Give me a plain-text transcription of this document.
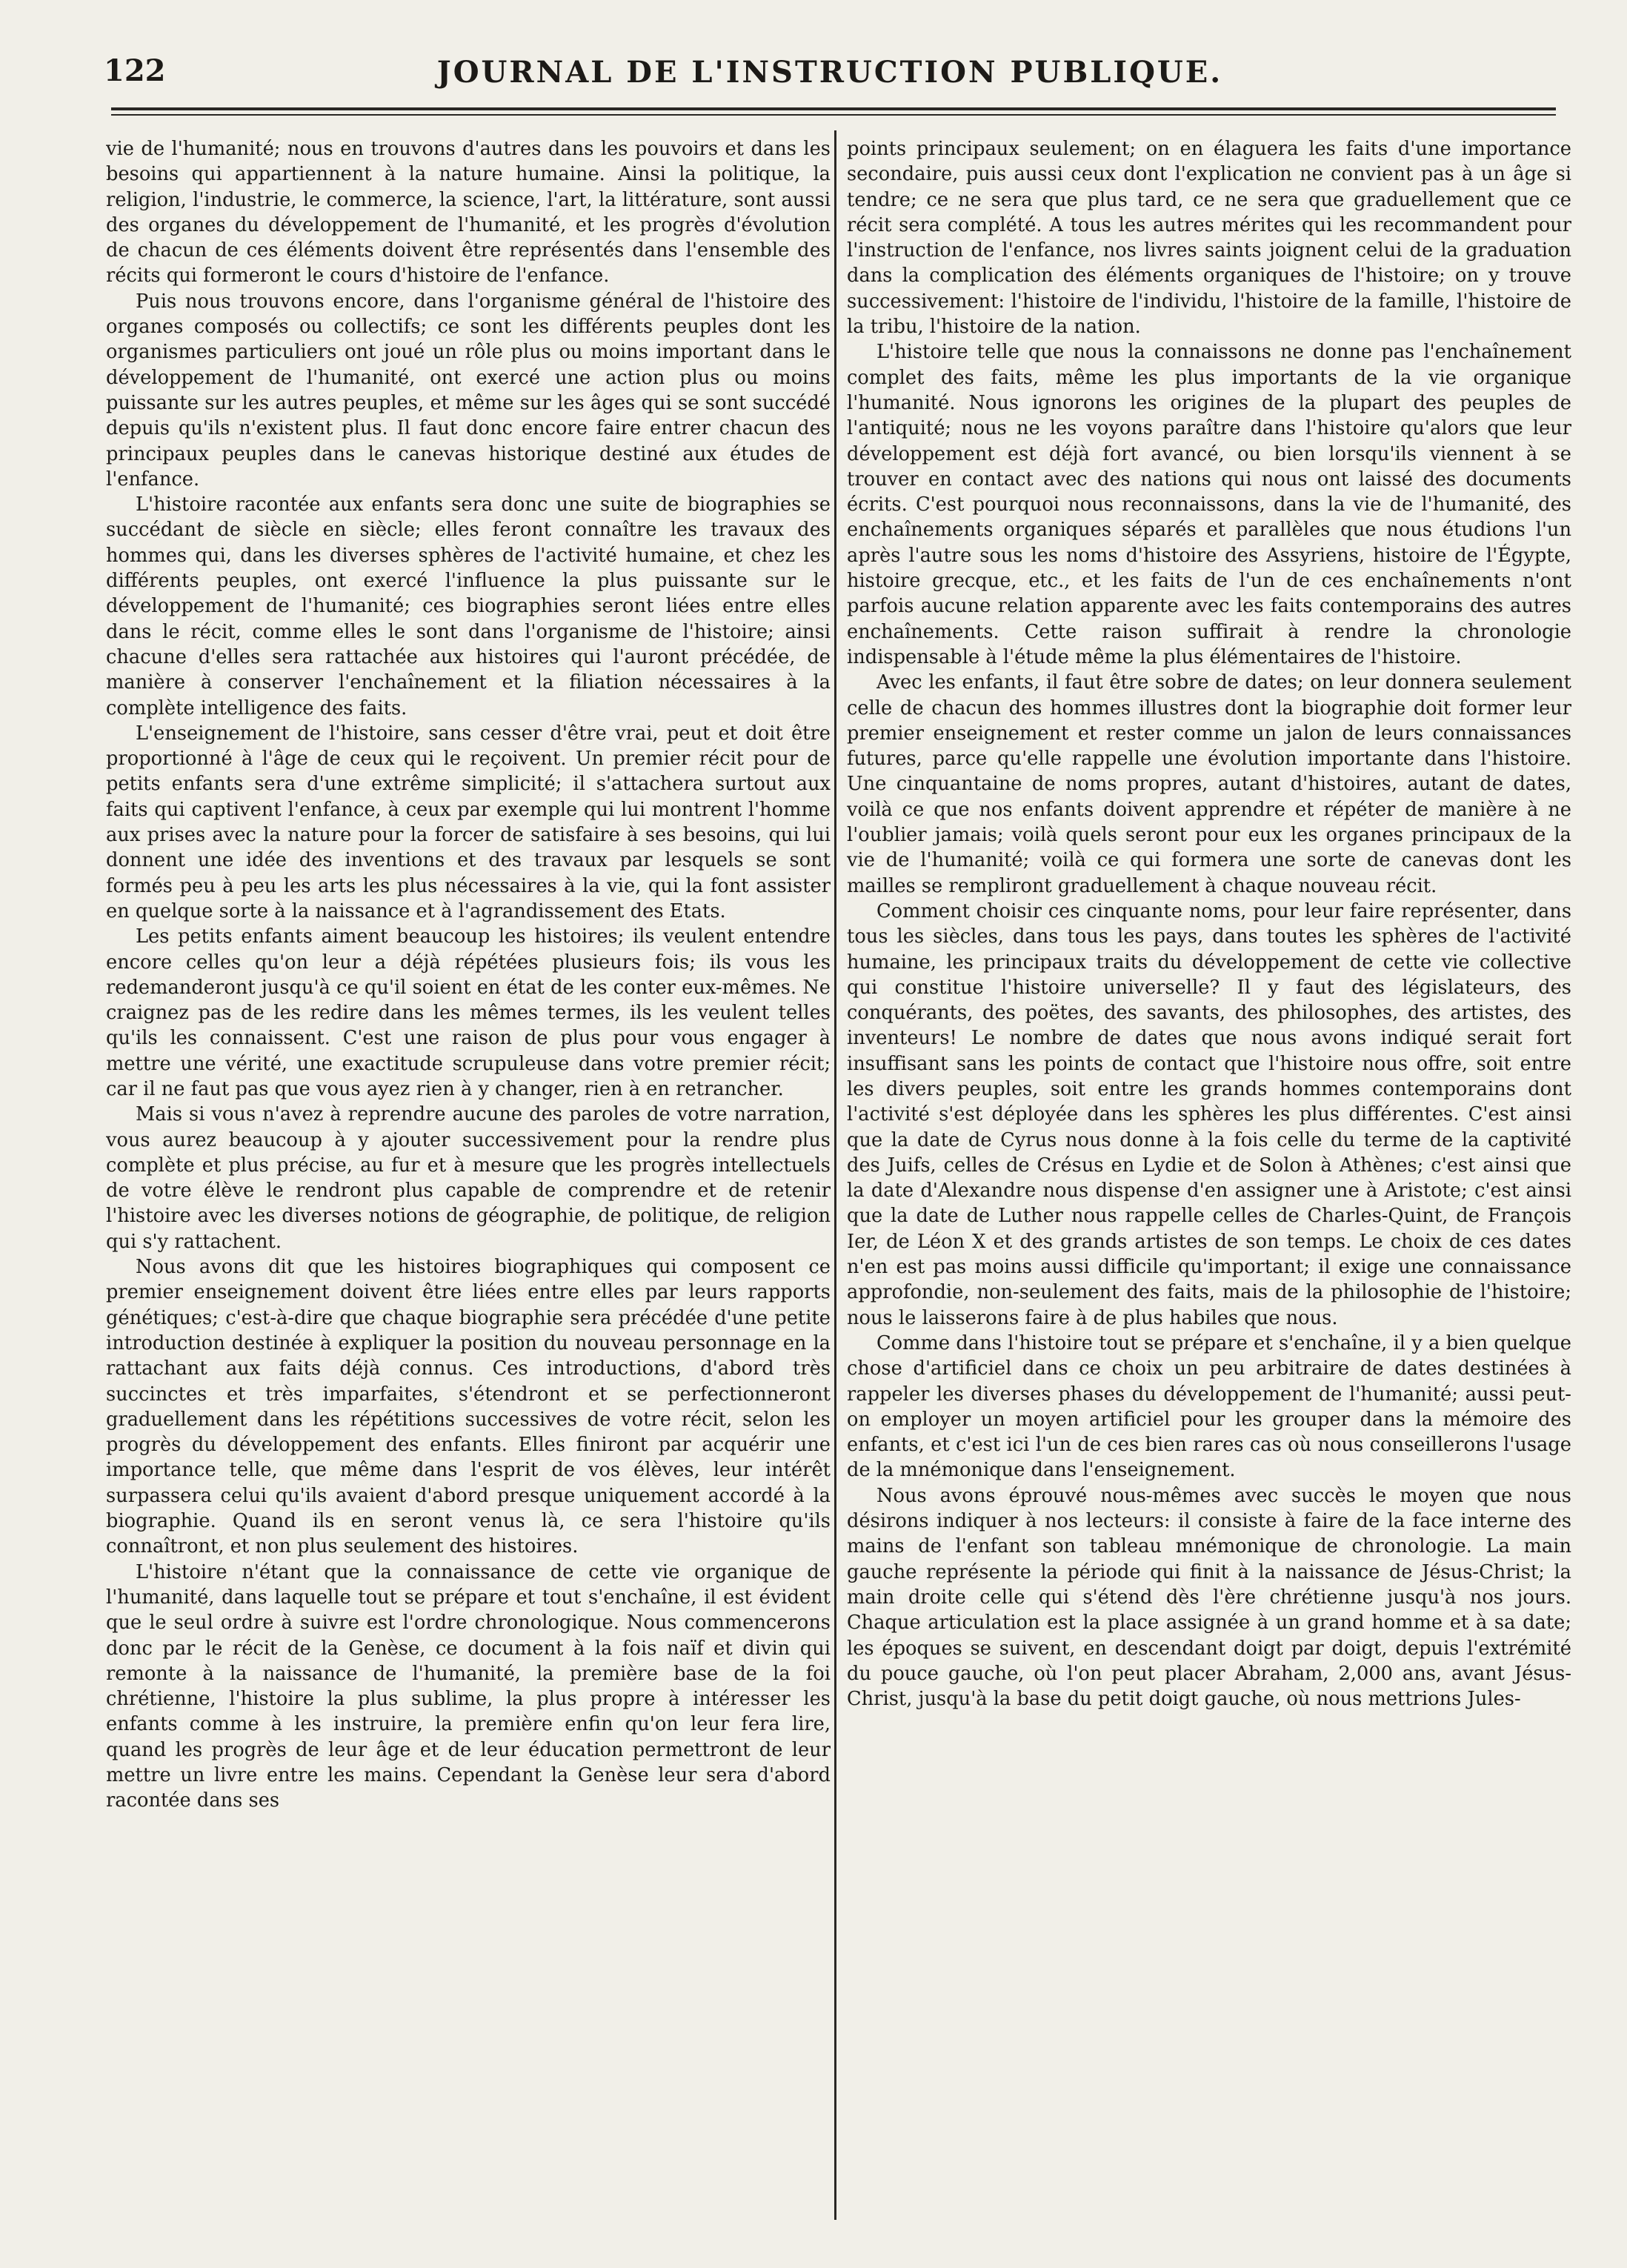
122	JOURNAL DE L'INSTRUCTION PUBLIQUE.

vie de l'humanité; nous en trouvons d'autres dans les pouvoirs et dans les besoins qui appartiennent à la nature humaine. Ainsi la politique, la religion, l'industrie, le commerce, la science, l'art, la littérature, sont aussi des organes du développement de l'humanité, et les progrès d'évolution de chacun de ces éléments doivent être représentés dans l'ensemble des récits qui formeront le cours d'histoire de l'enfance.

Puis nous trouvons encore, dans l'organisme général de l'histoire des organes composés ou collectifs; ce sont les différents peuples dont les organismes particuliers ont joué un rôle plus ou moins important dans le développement de l'humanité, ont exercé une action plus ou moins puissante sur les autres peuples, et même sur les âges qui se sont succédé depuis qu'ils n'existent plus. Il faut donc encore faire entrer chacun des principaux peuples dans le canevas historique destiné aux études de l'enfance.

L'histoire racontée aux enfants sera donc une suite de biographies se succédant de siècle en siècle; elles feront connaître les travaux des hommes qui, dans les diverses sphères de l'activité humaine, et chez les différents peuples, ont exercé l'influence la plus puissante sur le développement de l'humanité; ces biographies seront liées entre elles dans le récit, comme elles le sont dans l'organisme de l'histoire; ainsi chacune d'elles sera rattachée aux histoires qui l'auront précédée, de manière à conserver l'enchaînement et la filiation nécessaires à la complète intelligence des faits.

L'enseignement de l'histoire, sans cesser d'être vrai, peut et doit être proportionné à l'âge de ceux qui le reçoivent. Un premier récit pour de petits enfants sera d'une extrême simplicité; il s'attachera surtout aux faits qui captivent l'enfance, à ceux par exemple qui lui montrent l'homme aux prises avec la nature pour la forcer de satisfaire à ses besoins, qui lui donnent une idée des inventions et des travaux par lesquels se sont formés peu à peu les arts les plus nécessaires à la vie, qui la font assister en quelque sorte à la naissance et à l'agrandissement des Etats.

Les petits enfants aiment beaucoup les histoires; ils veulent entendre encore celles qu'on leur a déjà répétées plusieurs fois; ils vous les redemanderont jusqu'à ce qu'il soient en état de les conter eux-mêmes. Ne craignez pas de les redire dans les mêmes termes, ils les veulent telles qu'ils les connaissent. C'est une raison de plus pour vous engager à mettre une vérité, une exactitude scrupuleuse dans votre premier récit; car il ne faut pas que vous ayez rien à y changer, rien à en retrancher.

Mais si vous n'avez à reprendre aucune des paroles de votre narration, vous aurez beaucoup à y ajouter successivement pour la rendre plus complète et plus précise, au fur et à mesure que les progrès intellectuels de votre élève le rendront plus capable de comprendre et de retenir l'histoire avec les diverses notions de géographie, de politique, de religion qui s'y rattachent.

Nous avons dit que les histoires biographiques qui composent ce premier enseignement doivent être liées entre elles par leurs rapports génétiques; c'est-à-dire que chaque biographie sera précédée d'une petite introduction destinée à expliquer la position du nouveau personnage en la rattachant aux faits déjà connus. Ces introductions, d'abord très succinctes et très imparfaites, s'étendront et se perfectionneront graduellement dans les répétitions successives de votre récit, selon les progrès du développement des enfants. Elles finiront par acquérir une importance telle, que même dans l'esprit de vos élèves, leur intérêt surpassera celui qu'ils avaient d'abord presque uniquement accordé à la biographie. Quand ils en seront venus là, ce sera l'histoire qu'ils connaîtront, et non plus seulement des histoires.

L'histoire n'étant que la connaissance de cette vie organique de l'humanité, dans laquelle tout se prépare et tout s'enchaîne, il est évident que le seul ordre à suivre est l'ordre chronologique. Nous commencerons donc par le récit de la Genèse, ce document à la fois naïf et divin qui remonte à la naissance de l'humanité, la première base de la foi chrétienne, l'histoire la plus sublime, la plus propre à intéresser les enfants comme à les instruire, la première enfin qu'on leur fera lire, quand les progrès de leur âge et de leur éducation permettront de leur mettre un livre entre les mains. Cependant la Genèse leur sera d'abord racontée dans ses

points principaux seulement; on en élaguera les faits d'une importance secondaire, puis aussi ceux dont l'explication ne convient pas à un âge si tendre; ce ne sera que plus tard, ce ne sera que graduellement que ce récit sera complété. A tous les autres mérites qui les recommandent pour l'instruction de l'enfance, nos livres saints joignent celui de la graduation dans la complication des éléments organiques de l'histoire; on y trouve successivement: l'histoire de l'individu, l'histoire de la famille, l'histoire de la tribu, l'histoire de la nation.

L'histoire telle que nous la connaissons ne donne pas l'enchaînement complet des faits, même les plus importants de la vie organique l'humanité. Nous ignorons les origines de la plupart des peuples de l'antiquité; nous ne les voyons paraître dans l'histoire qu'alors que leur développement est déjà fort avancé, ou bien lorsqu'ils viennent à se trouver en contact avec des nations qui nous ont laissé des documents écrits. C'est pourquoi nous reconnaissons, dans la vie de l'humanité, des enchaînements organiques séparés et parallèles que nous étudions l'un après l'autre sous les noms d'histoire des Assyriens, histoire de l'Égypte, histoire grecque, etc., et les faits de l'un de ces enchaînements n'ont parfois aucune relation apparente avec les faits contemporains des autres enchaînements. Cette raison suffirait à rendre la chronologie indispensable à l'étude même la plus élémentaires de l'histoire.

Avec les enfants, il faut être sobre de dates; on leur donnera seulement celle de chacun des hommes illustres dont la biographie doit former leur premier enseignement et rester comme un jalon de leurs connaissances futures, parce qu'elle rappelle une évolution importante dans l'histoire. Une cinquantaine de noms propres, autant d'histoires, autant de dates, voilà ce que nos enfants doivent apprendre et répéter de manière à ne l'oublier jamais; voilà quels seront pour eux les organes principaux de la vie de l'humanité; voilà ce qui formera une sorte de canevas dont les mailles se rempliront graduellement à chaque nouveau récit.

Comment choisir ces cinquante noms, pour leur faire représenter, dans tous les siècles, dans tous les pays, dans toutes les sphères de l'activité humaine, les principaux traits du développement de cette vie collective qui constitue l'histoire universelle? Il y faut des législateurs, des conquérants, des poëtes, des savants, des philosophes, des artistes, des inventeurs! Le nombre de dates que nous avons indiqué serait fort insuffisant sans les points de contact que l'histoire nous offre, soit entre les divers peuples, soit entre les grands hommes contemporains dont l'activité s'est déployée dans les sphères les plus différentes. C'est ainsi que la date de Cyrus nous donne à la fois celle du terme de la captivité des Juifs, celles de Crésus en Lydie et de Solon à Athènes; c'est ainsi que la date d'Alexandre nous dispense d'en assigner une à Aristote; c'est ainsi que la date de Luther nous rappelle celles de Charles-Quint, de François Ier, de Léon X et des grands artistes de son temps. Le choix de ces dates n'en est pas moins aussi difficile qu'important; il exige une connaissance approfondie, non-seulement des faits, mais de la philosophie de l'histoire; nous le laisserons faire à de plus habiles que nous.

Comme dans l'histoire tout se prépare et s'enchaîne, il y a bien quelque chose d'artificiel dans ce choix un peu arbitraire de dates destinées à rappeler les diverses phases du développement de l'humanité; aussi peut-on employer un moyen artificiel pour les grouper dans la mémoire des enfants, et c'est ici l'un de ces bien rares cas où nous conseillerons l'usage de la mnémonique dans l'enseignement.

Nous avons éprouvé nous-mêmes avec succès le moyen que nous désirons indiquer à nos lecteurs: il consiste à faire de la face interne des mains de l'enfant son tableau mnémonique de chronologie. La main gauche représente la période qui finit à la naissance de Jésus-Christ; la main droite celle qui s'étend dès l'ère chrétienne jusqu'à nos jours. Chaque articulation est la place assignée à un grand homme et à sa date; les époques se suivent, en descendant doigt par doigt, depuis l'extrémité du pouce gauche, où l'on peut placer Abraham, 2,000 ans, avant Jésus-Christ, jusqu'à la base du petit doigt gauche, où nous mettrions Jules-
